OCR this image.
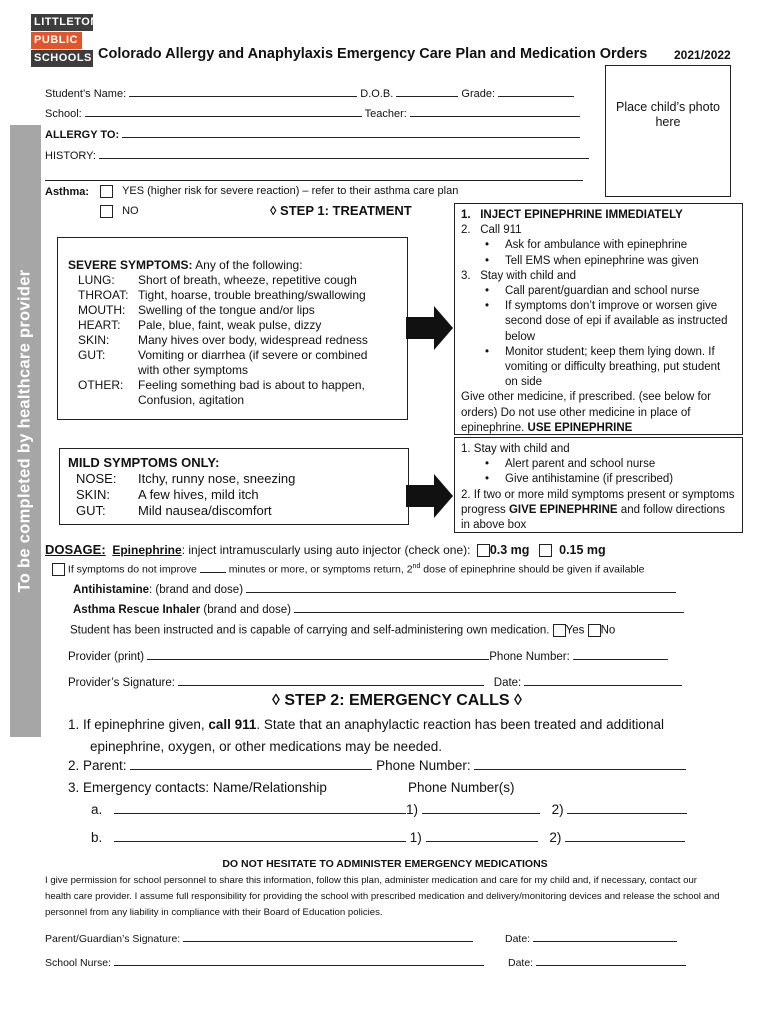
LITTLETON
PUBLIC
SCHOOLS Colorado Allergy and Anaphylaxis Emergency Care Plan and Medication Orders 2021/2022
Place child’s photo here
To be completed by healthcare provider
Student’s Name:	D.O.B.	Grade:
School:	Teacher:
ALLERGY TO:
HISTORY:
Asthma:	YES (higher risk for severe reaction) – refer to their asthma care plan
NO	◊ STEP 1: TREATMENT
SEVERE SYMPTOMS: Any of the following:
LUNG:	Short of breath, wheeze, repetitive cough
THROAT:	Tight, hoarse, trouble breathing/swallowing
MOUTH:	Swelling of the tongue and/or lips
HEART:	Pale, blue, faint, weak pulse, dizzy
SKIN:	Many hives over body, widespread redness
GUT:	Vomiting or diarrhea (if severe or combined with other symptoms
OTHER:	Feeling something bad is about to happen, Confusion, agitation
1.   INJECT EPINEPHRINE IMMEDIATELY
2.   Call 911
• Ask for ambulance with epinephrine
• Tell EMS when epinephrine was given
3.   Stay with child and
• Call parent/guardian and school nurse
• If symptoms don’t improve or worsen give second dose of epi if available as instructed below
• Monitor student; keep them lying down. If vomiting or difficulty breathing, put student on side
Give other medicine, if prescribed. (see below for orders) Do not use other medicine in place of epinephrine. USE EPINEPHRINE
MILD SYMPTOMS ONLY:
NOSE:	Itchy, runny nose, sneezing
SKIN:	A few hives, mild itch
GUT:	Mild nausea/discomfort
1. Stay with child and
• Alert parent and school nurse
• Give antihistamine (if prescribed)
2. If two or more mild symptoms present or symptoms progress GIVE EPINEPHRINE and follow directions in above box
DOSAGE: Epinephrine: inject intramuscularly using auto injector (check one): 0.3 mg 0.15 mg
If symptoms do not improve	minutes or more, or symptoms return, 2nd dose of epinephrine should be given if available
Antihistamine: (brand and dose)
Asthma Rescue Inhaler (brand and dose)
Student has been instructed and is capable of carrying and self-administering own medication. Yes No
Provider (print)	Phone Number:
Provider’s Signature:	Date:
◊ STEP 2: EMERGENCY CALLS ◊
1. If epinephrine given, call 911. State that an anaphylactic reaction has been treated and additional
epinephrine, oxygen, or other medications may be needed.
2. Parent:	Phone Number:
3. Emergency contacts: Name/Relationship	Phone Number(s)
a.	1)	2)
b.	1)	2)
DO NOT HESITATE TO ADMINISTER EMERGENCY MEDICATIONS
I give permission for school personnel to share this information, follow this plan, administer medication and care for my child and, if necessary, contact our health care provider. I assume full responsibility for providing the school with prescribed medication and delivery/monitoring devices and release the school and personnel from any liability in compliance with their Board of Education policies.
Parent/Guardian’s Signature:	Date:
School Nurse:	Date:
